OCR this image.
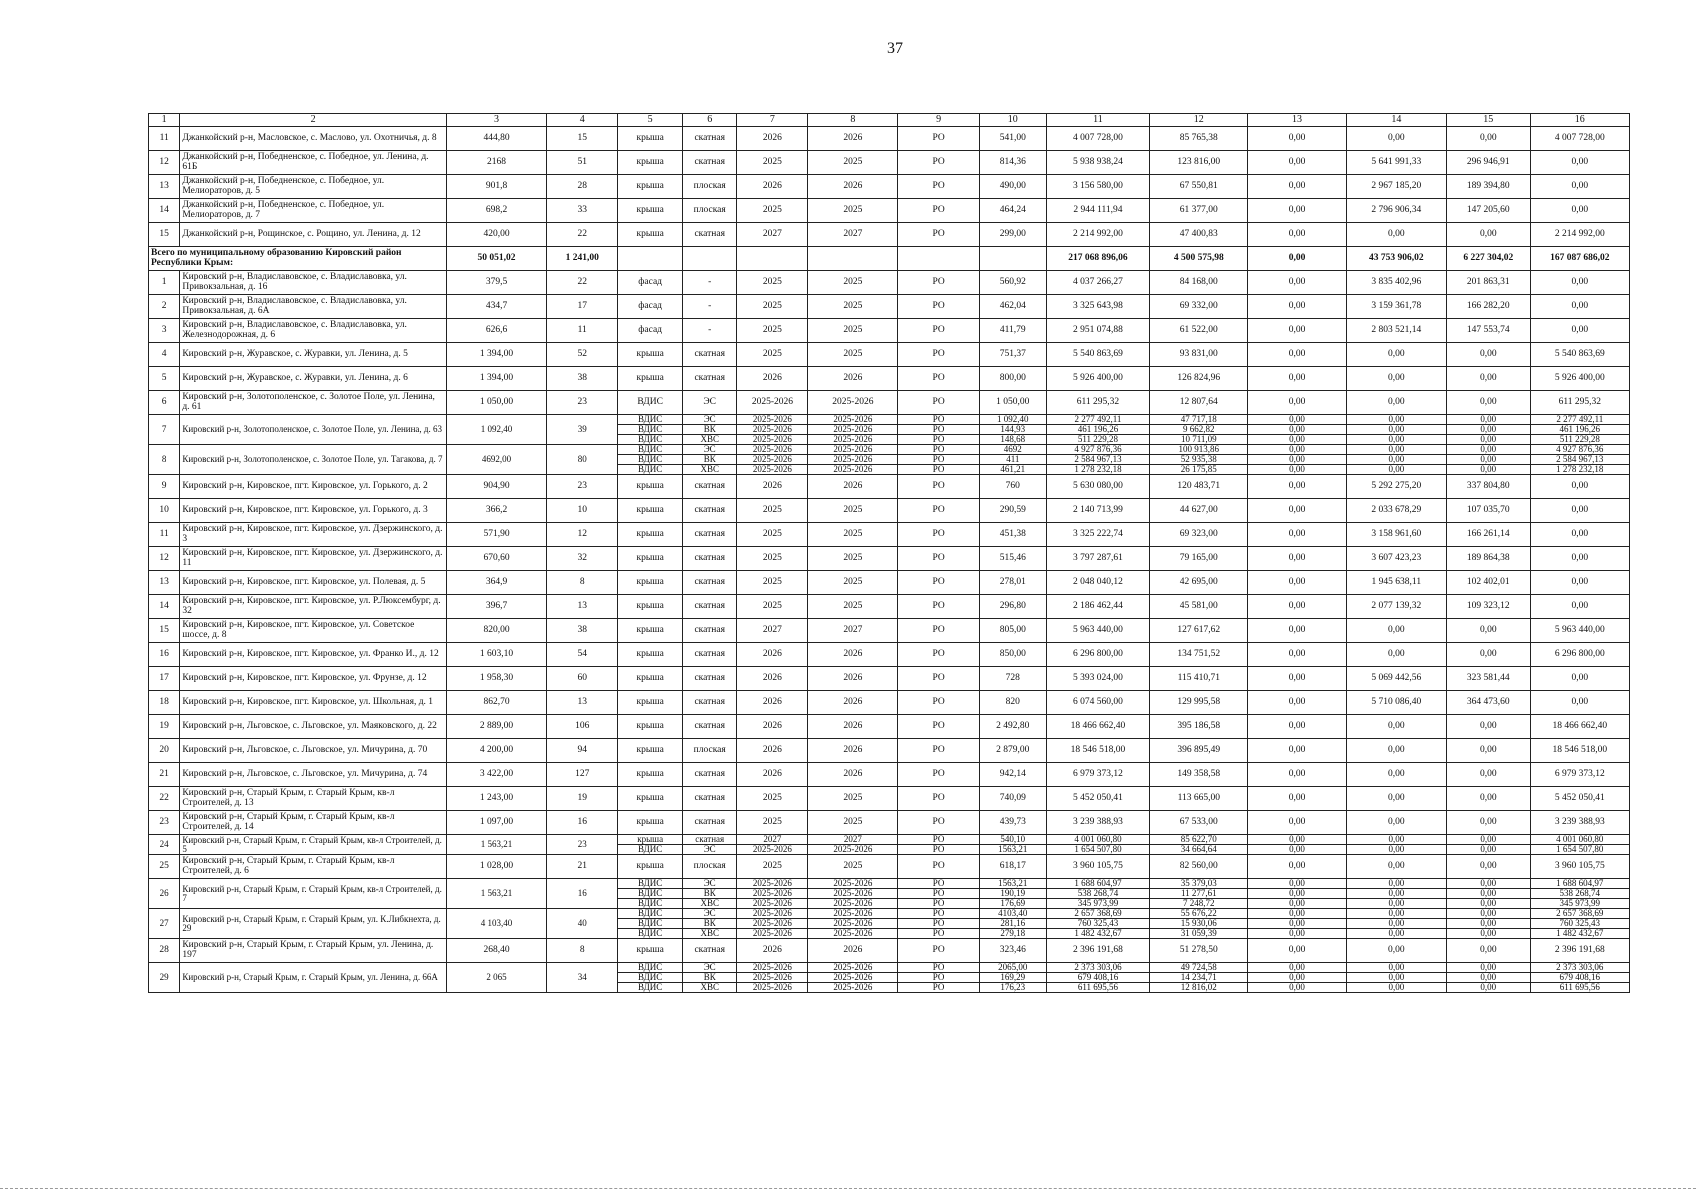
37
1	2	3	4	5	6	7	8	9	10	11	12	13	14	15	16
11	Джанкойский р-н, Масловское, с. Маслово, ул. Охотничья, д. 8	444,80	15	крыша	скатная	2026	2026	РО	541,00	4 007 728,00	85 765,38	0,00	0,00	0,00	4 007 728,00
12	Джанкойский р-н, Победненское, с. Победное, ул. Ленина, д. 61Б	2168	51	крыша	скатная	2025	2025	РО	814,36	5 938 938,24	123 816,00	0,00	5 641 991,33	296 946,91	0,00
13	Джанкойский р-н, Победненское, с. Победное, ул. Мелиораторов, д. 5	901,8	28	крыша	плоская	2026	2026	РО	490,00	3 156 580,00	67 550,81	0,00	2 967 185,20	189 394,80	0,00
14	Джанкойский р-н, Победненское, с. Победное, ул. Мелиораторов, д. 7	698,2	33	крыша	плоская	2025	2025	РО	464,24	2 944 111,94	61 377,00	0,00	2 796 906,34	147 205,60	0,00
15	Джанкойский р-н, Рощинское, с. Рощино, ул. Ленина, д. 12	420,00	22	крыша	скатная	2027	2027	РО	299,00	2 214 992,00	47 400,83	0,00	0,00	0,00	2 214 992,00
Всего по муниципальному образованию Кировский район Республики Крым:		50 051,02	1 241,00							217 068 896,06	4 500 575,98	0,00	43 753 906,02	6 227 304,02	167 087 686,02
1	Кировский р-н, Владиславовское, с. Владиславовка, ул. Привокзальная, д. 16	379,5	22	фасад	-	2025	2025	РО	560,92	4 037 266,27	84 168,00	0,00	3 835 402,96	201 863,31	0,00
2	Кировский р-н, Владиславовское, с. Владиславовка, ул. Привокзальная, д. 6А	434,7	17	фасад	-	2025	2025	РО	462,04	3 325 643,98	69 332,00	0,00	3 159 361,78	166 282,20	0,00
3	Кировский р-н, Владиславовское, с. Владиславовка, ул. Железнодорожная, д. 6	626,6	11	фасад	-	2025	2025	РО	411,79	2 951 074,88	61 522,00	0,00	2 803 521,14	147 553,74	0,00
4	Кировский р-н, Журавское, с. Журавки, ул. Ленина, д. 5	1 394,00	52	крыша	скатная	2025	2025	РО	751,37	5 540 863,69	93 831,00	0,00	0,00	0,00	5 540 863,69
5	Кировский р-н, Журавское, с. Журавки, ул. Ленина, д. 6	1 394,00	38	крыша	скатная	2026	2026	РО	800,00	5 926 400,00	126 824,96	0,00	0,00	0,00	5 926 400,00
6	Кировский р-н, Золотополенское, с. Золотое Поле, ул. Ленина, д. 61	1 050,00	23	ВДИС	ЭС	2025-2026	2025-2026	РО	1 050,00	611 295,32	12 807,64	0,00	0,00	0,00	611 295,32
7	Кировский р-н, Золотополенское, с. Золотое Поле, ул. Ленина, д. 63	1 092,40	39	ВДИС	ЭС	2025-2026	2025-2026	РО	1 092,40	2 277 492,11	47 717,18	0,00	0,00	0,00	2 277 492,11
				ВДИС	ВК	2025-2026	2025-2026	РО	144,93	461 196,26	9 662,82	0,00	0,00	0,00	461 196,26
				ВДИС	ХВС	2025-2026	2025-2026	РО	148,68	511 229,28	10 711,09	0,00	0,00	0,00	511 229,28
8	Кировский р-н, Золотополенское, с. Золотое Поле, ул. Тагакова, д. 7	4692,00	80	ВДИС	ЭС	2025-2026	2025-2026	РО	4692	4 927 876,36	100 913,86	0,00	0,00	0,00	4 927 876,36
				ВДИС	ВК	2025-2026	2025-2026	РО	411	2 584 967,13	52 935,38	0,00	0,00	0,00	2 584 967,13
				ВДИС	ХВС	2025-2026	2025-2026	РО	461,21	1 278 232,18	26 175,85	0,00	0,00	0,00	1 278 232,18
9	Кировский р-н, Кировское, пгт. Кировское, ул. Горького, д. 2	904,90	23	крыша	скатная	2026	2026	РО	760	5 630 080,00	120 483,71	0,00	5 292 275,20	337 804,80	0,00
10	Кировский р-н, Кировское, пгт. Кировское, ул. Горького, д. 3	366,2	10	крыша	скатная	2025	2025	РО	290,59	2 140 713,99	44 627,00	0,00	2 033 678,29	107 035,70	0,00
11	Кировский р-н, Кировское, пгт. Кировское, ул. Дзержинского, д. 3	571,90	12	крыша	скатная	2025	2025	РО	451,38	3 325 222,74	69 323,00	0,00	3 158 961,60	166 261,14	0,00
12	Кировский р-н, Кировское, пгт. Кировское, ул. Дзержинского, д. 11	670,60	32	крыша	скатная	2025	2025	РО	515,46	3 797 287,61	79 165,00	0,00	3 607 423,23	189 864,38	0,00
13	Кировский р-н, Кировское, пгт. Кировское, ул. Полевая, д. 5	364,9	8	крыша	скатная	2025	2025	РО	278,01	2 048 040,12	42 695,00	0,00	1 945 638,11	102 402,01	0,00
14	Кировский р-н, Кировское, пгт. Кировское, ул. Р.Люксембург, д. 32	396,7	13	крыша	скатная	2025	2025	РО	296,80	2 186 462,44	45 581,00	0,00	2 077 139,32	109 323,12	0,00
15	Кировский р-н, Кировское, пгт. Кировское, ул. Советское шоссе, д. 8	820,00	38	крыша	скатная	2027	2027	РО	805,00	5 963 440,00	127 617,62	0,00	0,00	0,00	5 963 440,00
16	Кировский р-н, Кировское, пгт. Кировское, ул. Франко И., д. 12	1 603,10	54	крыша	скатная	2026	2026	РО	850,00	6 296 800,00	134 751,52	0,00	0,00	0,00	6 296 800,00
17	Кировский р-н, Кировское, пгт. Кировское, ул. Фрунзе, д. 12	1 958,30	60	крыша	скатная	2026	2026	РО	728	5 393 024,00	115 410,71	0,00	5 069 442,56	323 581,44	0,00
18	Кировский р-н, Кировское, пгт. Кировское, ул. Школьная, д. 1	862,70	13	крыша	скатная	2026	2026	РО	820	6 074 560,00	129 995,58	0,00	5 710 086,40	364 473,60	0,00
19	Кировский р-н, Льговское, с. Льговское, ул. Маяковского, д. 22	2 889,00	106	крыша	скатная	2026	2026	РО	2 492,80	18 466 662,40	395 186,58	0,00	0,00	0,00	18 466 662,40
20	Кировский р-н, Льговское, с. Льговское, ул. Мичурина, д. 70	4 200,00	94	крыша	плоская	2026	2026	РО	2 879,00	18 546 518,00	396 895,49	0,00	0,00	0,00	18 546 518,00
21	Кировский р-н, Льговское, с. Льговское, ул. Мичурина, д. 74	3 422,00	127	крыша	скатная	2026	2026	РО	942,14	6 979 373,12	149 358,58	0,00	0,00	0,00	6 979 373,12
22	Кировский р-н, Старый Крым, г. Старый Крым, кв-л Строителей, д. 13	1 243,00	19	крыша	скатная	2025	2025	РО	740,09	5 452 050,41	113 665,00	0,00	0,00	0,00	5 452 050,41
23	Кировский р-н, Старый Крым, г. Старый Крым, кв-л Строителей, д. 14	1 097,00	16	крыша	скатная	2025	2025	РО	439,73	3 239 388,93	67 533,00	0,00	0,00	0,00	3 239 388,93
24	Кировский р-н, Старый Крым, г. Старый Крым, кв-л Строителей, д. 5	1 563,21	23	крыша	скатная	2027	2027	РО	540,10	4 001 060,80	85 622,70	0,00	0,00	0,00	4 001 060,80
				ВДИС	ЭС	2025-2026	2025-2026	РО	1563,21	1 654 507,80	34 664,64	0,00	0,00	0,00	1 654 507,80
25	Кировский р-н, Старый Крым, г. Старый Крым, кв-л Строителей, д. 6	1 028,00	21	крыша	плоская	2025	2025	РО	618,17	3 960 105,75	82 560,00	0,00	0,00	0,00	3 960 105,75
26	Кировский р-н, Старый Крым, г. Старый Крым, кв-л Строителей, д. 7	1 563,21	16	ВДИС	ЭС	2025-2026	2025-2026	РО	1563,21	1 688 604,97	35 379,03	0,00	0,00	0,00	1 688 604,97
				ВДИС	ВК	2025-2026	2025-2026	РО	190,19	538 268,74	11 277,61	0,00	0,00	0,00	538 268,74
				ВДИС	ХВС	2025-2026	2025-2026	РО	176,69	345 973,99	7 248,72	0,00	0,00	0,00	345 973,99
27	Кировский р-н, Старый Крым, г. Старый Крым, ул. К.Либкнехта, д. 29	4 103,40	40	ВДИС	ЭС	2025-2026	2025-2026	РО	4103,40	2 657 368,69	55 676,22	0,00	0,00	0,00	2 657 368,69
				ВДИС	ВК	2025-2026	2025-2026	РО	281,16	760 325,43	15 930,06	0,00	0,00	0,00	760 325,43
				ВДИС	ХВС	2025-2026	2025-2026	РО	279,18	1 482 432,67	31 059,39	0,00	0,00	0,00	1 482 432,67
28	Кировский р-н, Старый Крым, г. Старый Крым, ул. Ленина, д. 197	268,40	8	крыша	скатная	2026	2026	РО	323,46	2 396 191,68	51 278,50	0,00	0,00	0,00	2 396 191,68
29	Кировский р-н, Старый Крым, г. Старый Крым, ул. Ленина, д. 66А	2 065	34	ВДИС	ЭС	2025-2026	2025-2026	РО	2065,00	2 373 303,06	49 724,58	0,00	0,00	0,00	2 373 303,06
				ВДИС	ВК	2025-2026	2025-2026	РО	169,29	679 408,16	14 234,71	0,00	0,00	0,00	679 408,16
				ВДИС	ХВС	2025-2026	2025-2026	РО	176,23	611 695,56	12 816,02	0,00	0,00	0,00	611 695,56
